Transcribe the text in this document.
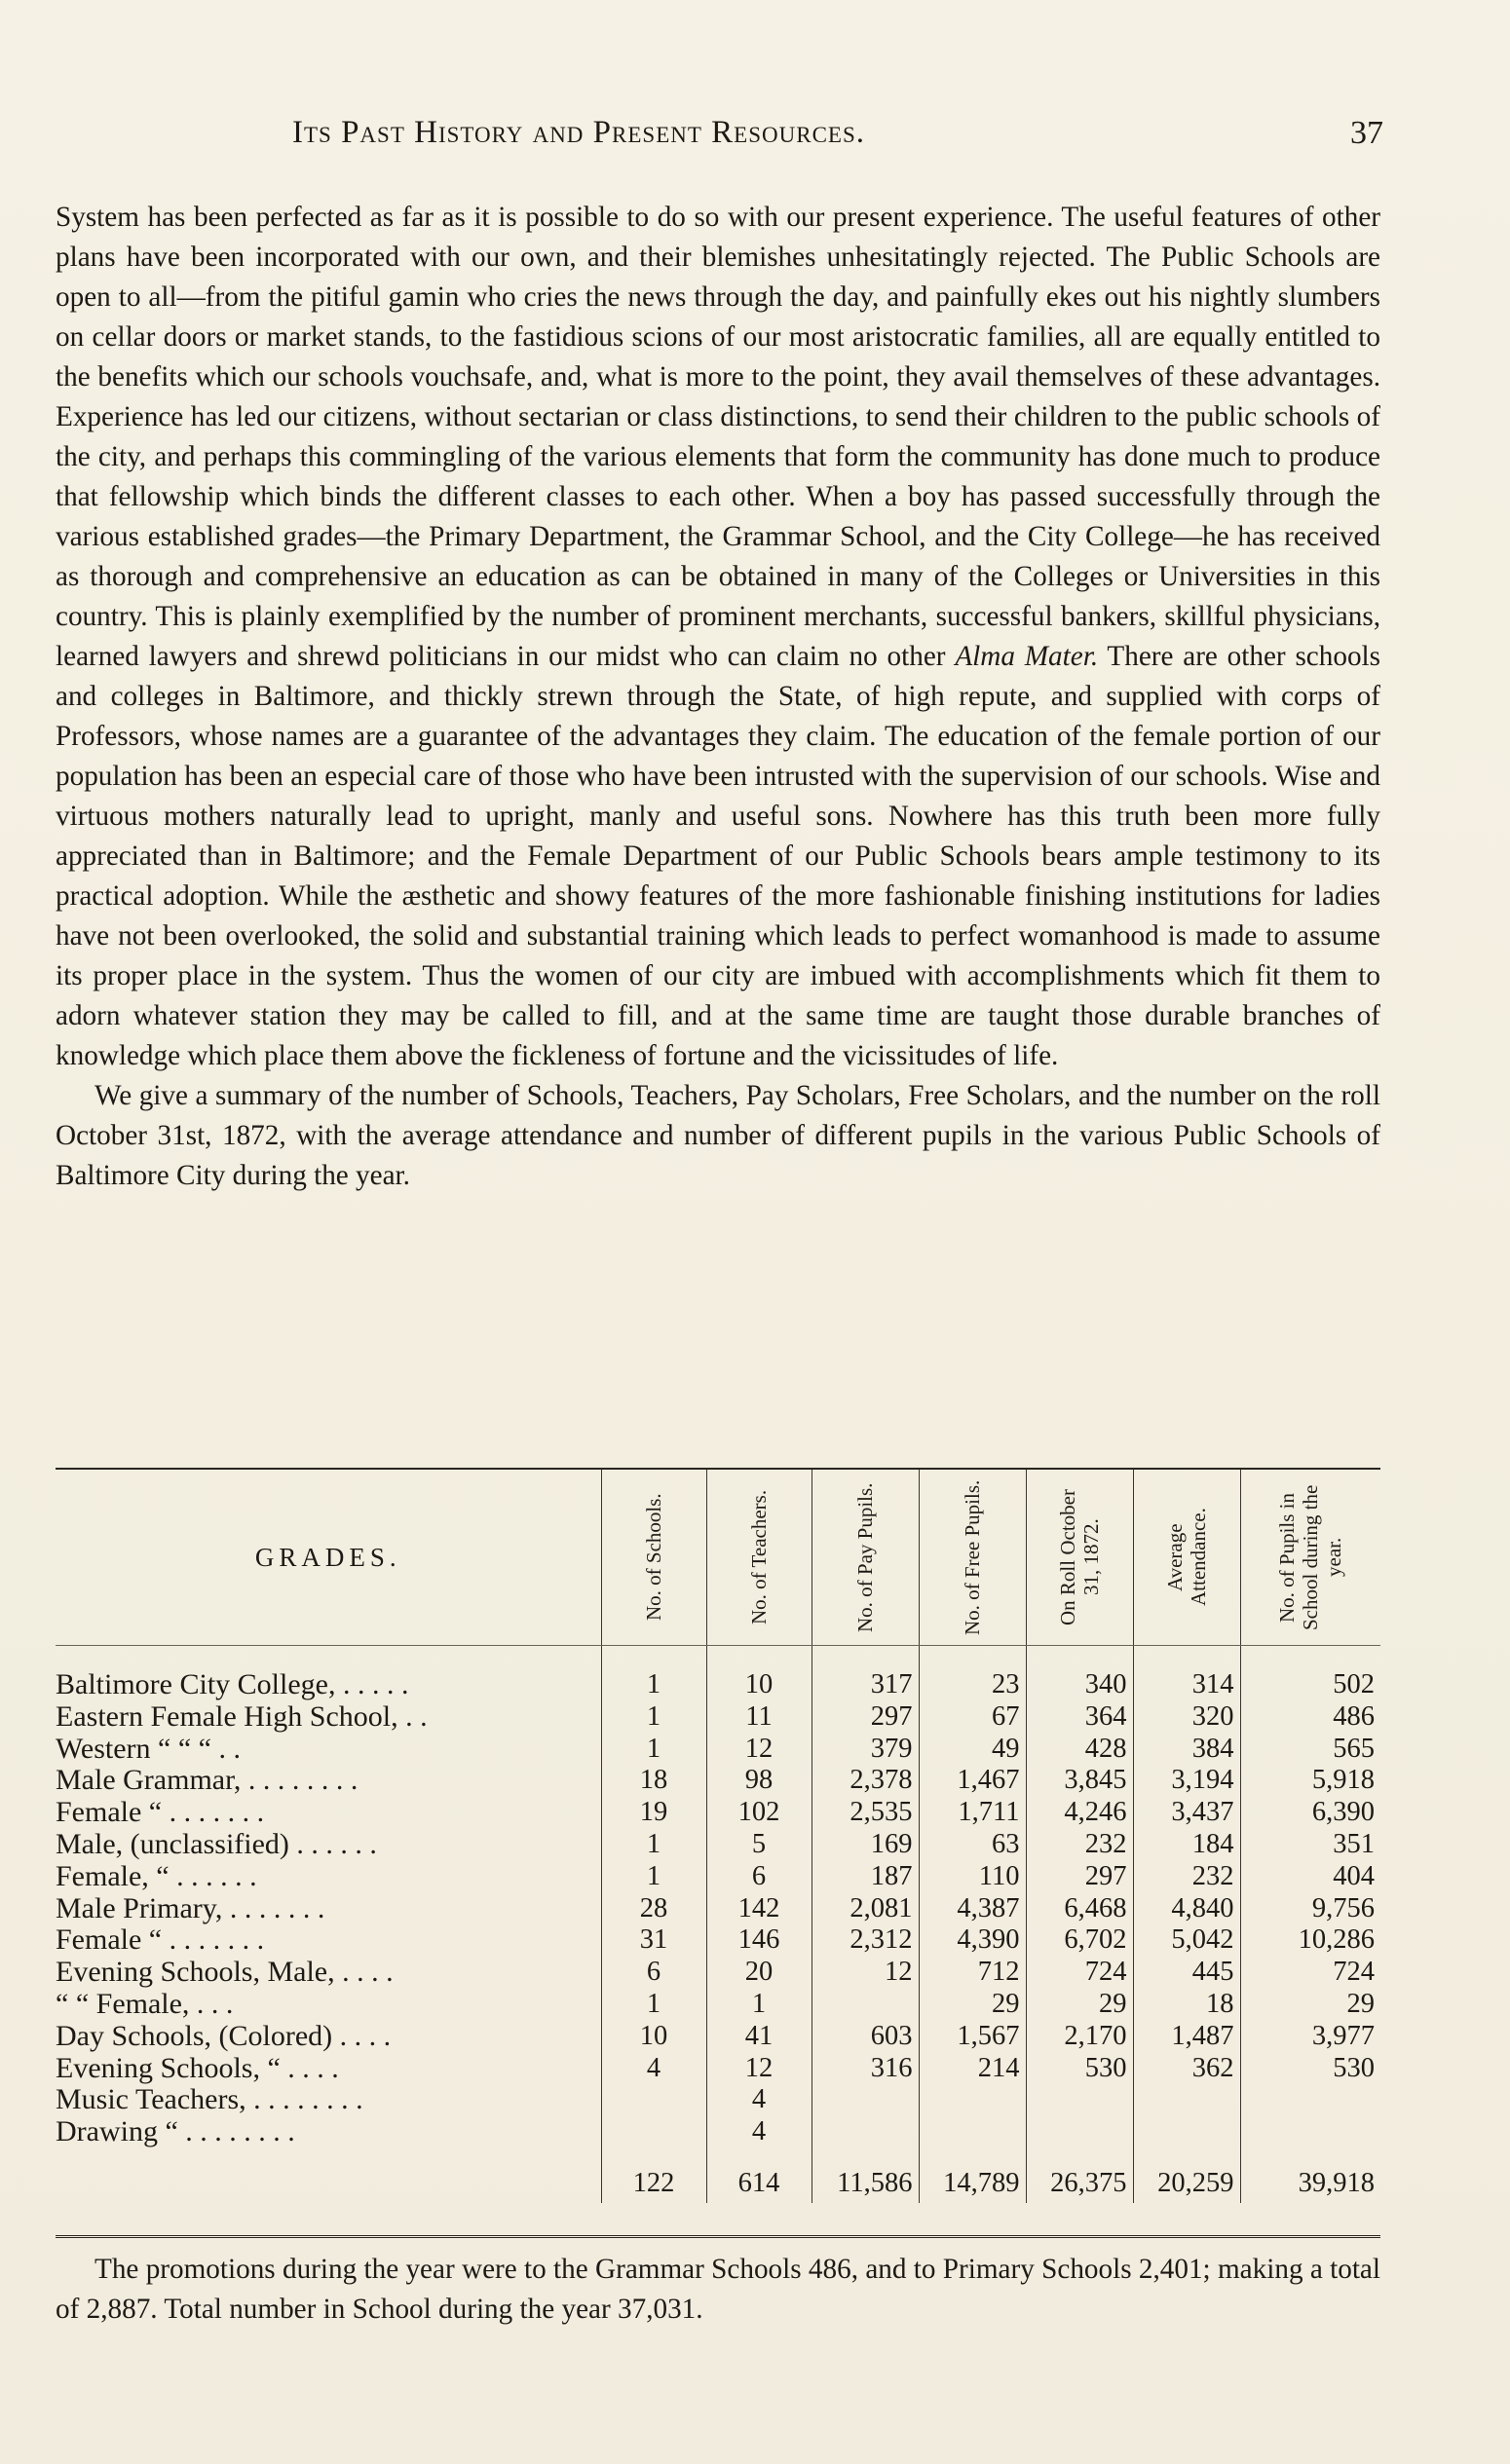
Its Past History and Present Resources.	37

System has been perfected as far as it is possible to do so with our present experience. The useful features of other plans have been incorporated with our own, and their blemishes unhesitatingly rejected. The Public Schools are open to all—from the pitiful gamin who cries the news through the day, and painfully ekes out his nightly slumbers on cellar doors or market stands, to the fastidious scions of our most aristocratic families, all are equally entitled to the benefits which our schools vouchsafe, and, what is more to the point, they avail themselves of these advantages. Experience has led our citizens, without sectarian or class distinctions, to send their children to the public schools of the city, and perhaps this commingling of the various elements that form the community has done much to produce that fellowship which binds the different classes to each other. When a boy has passed successfully through the various established grades—the Primary Department, the Grammar School, and the City College—he has received as thorough and comprehensive an education as can be obtained in many of the Colleges or Universities in this country. This is plainly exemplified by the number of prominent merchants, successful bankers, skillful physicians, learned lawyers and shrewd politicians in our midst who can claim no other Alma Mater. There are other schools and colleges in Baltimore, and thickly strewn through the State, of high repute, and supplied with corps of Professors, whose names are a guarantee of the advantages they claim. The education of the female portion of our population has been an especial care of those who have been intrusted with the supervision of our schools. Wise and virtuous mothers naturally lead to upright, manly and useful sons. Nowhere has this truth been more fully appreciated than in Baltimore; and the Female Department of our Public Schools bears ample testimony to its practical adoption. While the æsthetic and showy features of the more fashionable finishing institutions for ladies have not been overlooked, the solid and substantial training which leads to perfect womanhood is made to assume its proper place in the system. Thus the women of our city are imbued with accomplishments which fit them to adorn whatever station they may be called to fill, and at the same time are taught those durable branches of knowledge which place them above the fickleness of fortune and the vicissitudes of life.

We give a summary of the number of Schools, Teachers, Pay Scholars, Free Scholars, and the number on the roll October 31st, 1872, with the average attendance and number of different pupils in the various Public Schools of Baltimore City during the year.

GRADES.	No. of Schools.	No. of Teachers.	No. of Pay Pupils.	No. of Free Pupils.	On Roll October 31, 1872.	Average Attendance.	No. of Pupils in School during the year.

Baltimore City College, . . . . .	1	10	317	23	340	314	502
Eastern Female High School, . .	1	11	297	67	364	320	486
Western “ “ “ . .	1	12	379	49	428	384	565
Male Grammar, . . . . . . . .	18	98	2,378	1,467	3,845	3,194	5,918
Female “ . . . . . . .	19	102	2,535	1,711	4,246	3,437	6,390
Male, (unclassified) . . . . . .	1	5	169	63	232	184	351
Female, “ . . . . . .	1	6	187	110	297	232	404
Male Primary, . . . . . . .	28	142	2,081	4,387	6,468	4,840	9,756
Female “ . . . . . . .	31	146	2,312	4,390	6,702	5,042	10,286
Evening Schools, Male, . . . .	6	20	12	712	724	445	724
“ “ Female, . . .	1	1		29	29	18	29
Day Schools, (Colored) . . . .	10	41	603	1,567	2,170	1,487	3,977
Evening Schools, “ . . . .	4	12	316	214	530	362	530
Music Teachers, . . . . . . . .		4					
Drawing “ . . . . . . . .		4					
	122	614	11,586	14,789	26,375	20,259	39,918

The promotions during the year were to the Grammar Schools 486, and to Primary Schools 2,401; making a total of 2,887. Total number in School during the year 37,031.
